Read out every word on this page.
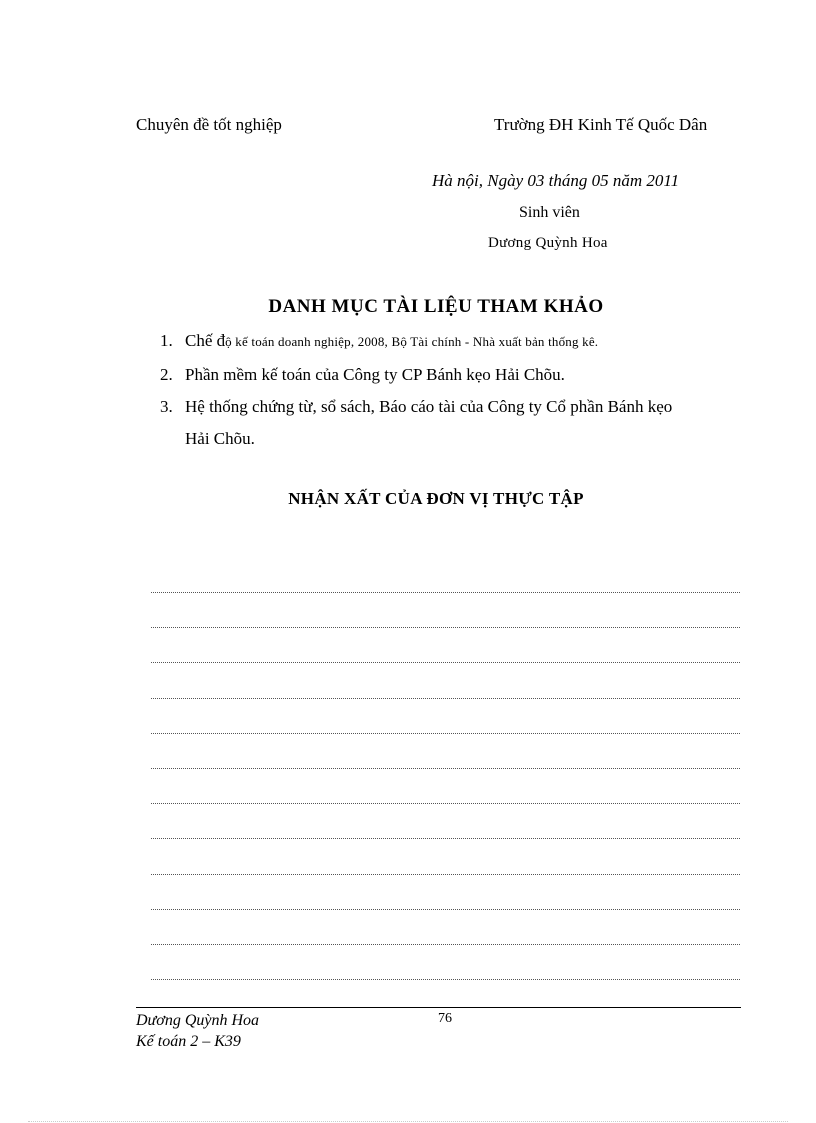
Chuyên đề tốt nghiệp	Trường ĐH Kinh Tế Quốc Dân
Hà nội, Ngày 03 tháng 05 năm 2011
Sinh viên
Dương Quỳnh Hoa
DANH MỤC TÀI LIỆU THAM KHẢO
1. Chế độ kế toán doanh nghiệp, 2008, Bộ Tài chính - Nhà xuất bản thống kê.
2. Phần mềm kế toán của Công ty CP Bánh kẹo Hải Chõu.
3. Hệ thống chứng từ, sổ sách, Báo cáo tài của Công ty Cổ phần Bánh kẹo
Hải Chõu.
NHẬN XẤT CỦA ĐƠN VỊ THỰC TẬP
Dương Quỳnh Hoa
Kế toán 2 – K39
76
